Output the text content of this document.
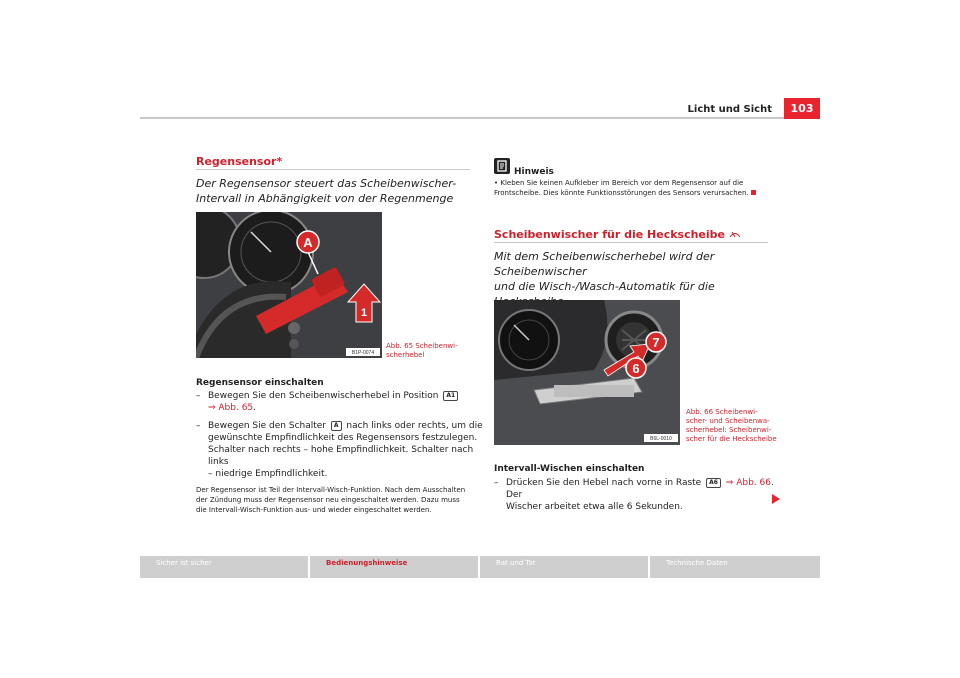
Licht und Sicht	103
Regensensor*
Der Regensensor steuert das Scheibenwischer-Intervall in Abhängigkeit von der Regenmenge
A
1
B1P-0074
Abb. 65 Scheibenwi-
scherhebel
Regensensor einschalten
– Bewegen Sie den Scheibenwischerhebel in Position A1
⇒ Abb. 65.
– Bewegen Sie den Schalter A nach links oder rechts, um die
gewünschte Empfindlichkeit des Regensensors festzulegen.
Schalter nach rechts – hohe Empfindlichkeit. Schalter nach links
– niedrige Empfindlichkeit.
Der Regensensor ist Teil der Intervall-Wisch-Funktion. Nach dem Ausschalten
der Zündung muss der Regensensor neu eingeschaltet werden. Dazu muss
die Intervall-Wisch-Funktion aus- und wieder eingeschaltet werden.
Hinweis
• Kleben Sie keinen Aufkleber im Bereich vor dem Regensensor auf die
Frontscheibe. Dies könnte Funktionsstörungen des Sensors verursachen.
Scheibenwischer für die Heckscheibe
Mit dem Scheibenwischerhebel wird der Scheibenwischer
und die Wisch-/Wasch-Automatik für die
7
6
B6L-0010
Abb. 66 Scheibenwi-
scher- und Scheibenwa-
scherhebel: Scheibenwi-
scher für die Heckscheibe
Intervall-Wischen einschalten
– Drücken Sie den Hebel nach vorne in Raste A6 ⇒ Abb. 66. Der
Wischer arbeitet etwa alle 6 Sekunden.
Sicher ist sicher	Bedienungshinweise	Rat und Tat	Technische Daten
